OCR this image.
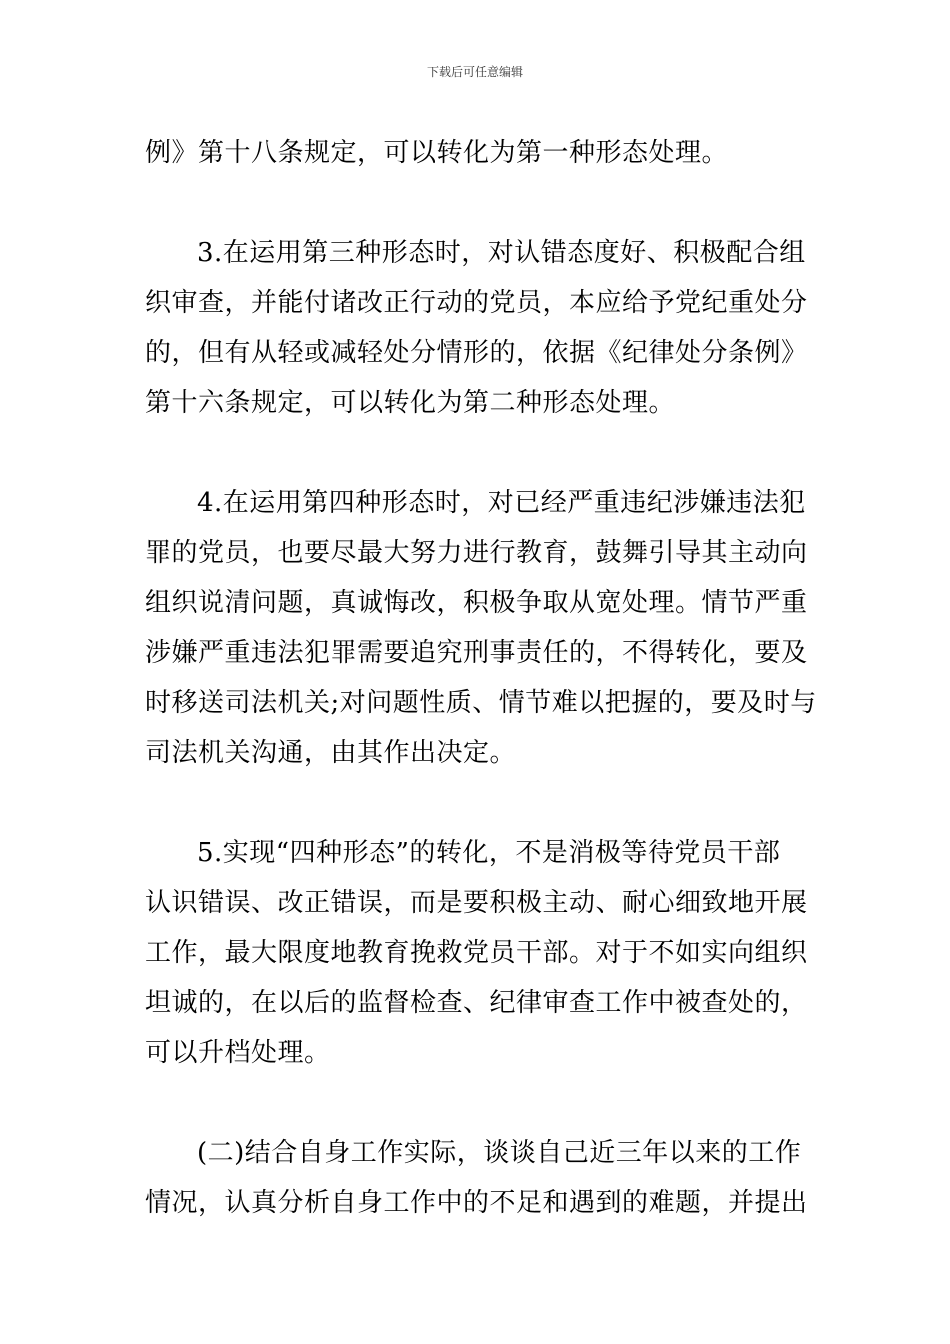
下载后可任意编辑
例》第十八条规定，可以转化为第一种形态处理。
3.在运用第三种形态时，对认错态度好、积极配合组
织审查，并能付诸改正行动的党员，本应给予党纪重处分
的，但有从轻或减轻处分情形的，依据《纪律处分条例》
第十六条规定，可以转化为第二种形态处理。
4.在运用第四种形态时，对已经严重违纪涉嫌违法犯
罪的党员，也要尽最大努力进行教育，鼓舞引导其主动向
组织说清问题，真诚悔改，积极争取从宽处理。情节严重
涉嫌严重违法犯罪需要追究刑事责任的，不得转化，要及
时移送司法机关;对问题性质、情节难以把握的，要及时与
司法机关沟通，由其作出决定。
5.实现“四种形态”的转化，不是消极等待党员干部
认识错误、改正错误，而是要积极主动、耐心细致地开展
工作，最大限度地教育挽救党员干部。对于不如实向组织
坦诚的，在以后的监督检查、纪律审查工作中被查处的，
可以升档处理。
(二)结合自身工作实际，谈谈自己近三年以来的工作
情况，认真分析自身工作中的不足和遇到的难题，并提出
